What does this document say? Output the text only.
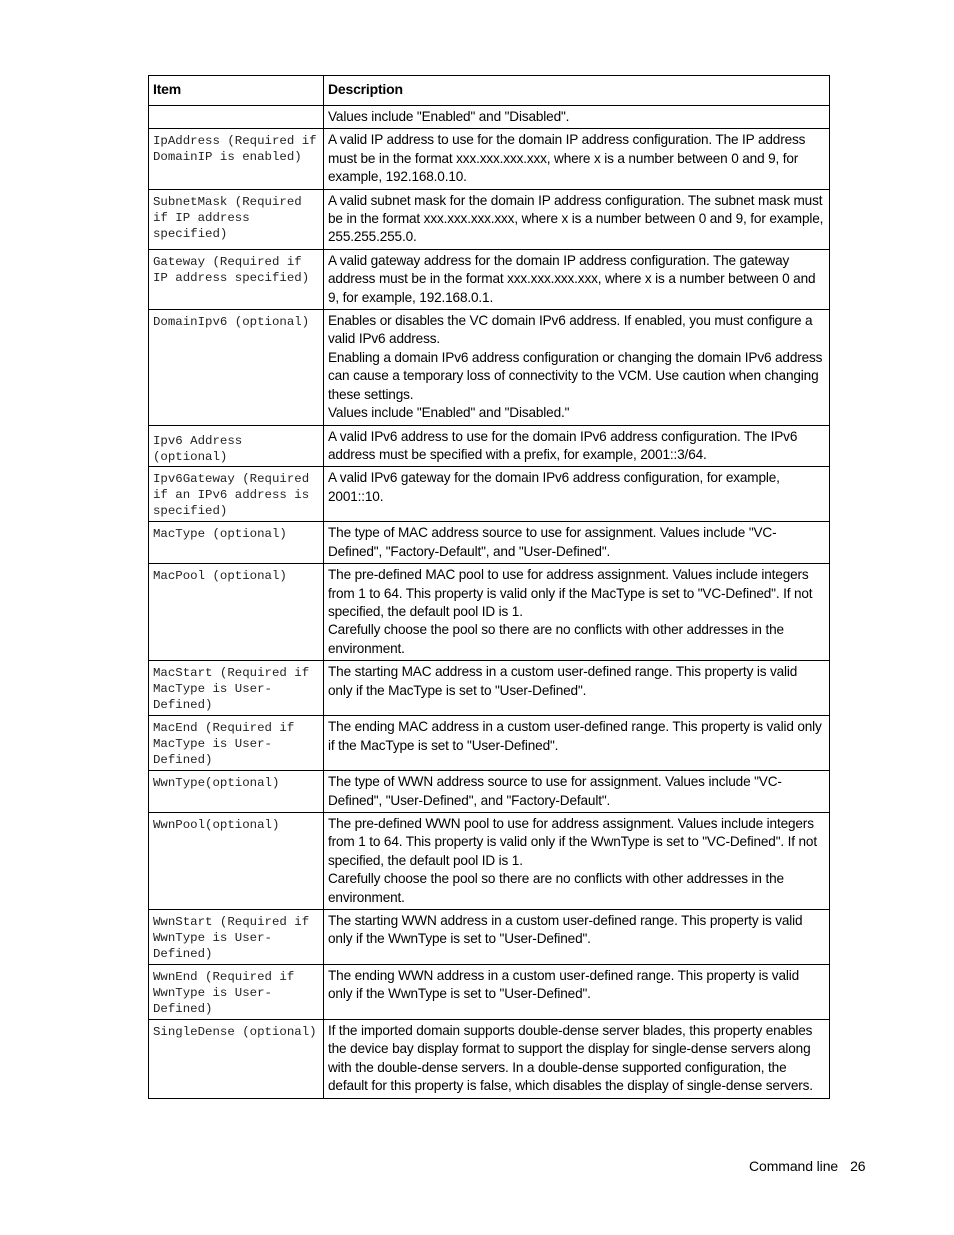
Item	Description

	Values include "Enabled" and "Disabled".

IpAddress (Required if DomainIP is enabled)	A valid IP address to use for the domain IP address configuration. The IP address must be in the format xxx.xxx.xxx.xxx, where x is a number between 0 and 9, for example, 192.168.0.10.

SubnetMask (Required if IP address specified)	A valid subnet mask for the domain IP address configuration. The subnet mask must be in the format xxx.xxx.xxx.xxx, where x is a number between 0 and 9, for example, 255.255.255.0.

Gateway (Required if IP address specified)	A valid gateway address for the domain IP address configuration. The gateway address must be in the format xxx.xxx.xxx.xxx, where x is a number between 0 and 9, for example, 192.168.0.1.

DomainIpv6 (optional)	Enables or disables the VC domain IPv6 address. If enabled, you must configure a valid IPv6 address.
Enabling a domain IPv6 address configuration or changing the domain IPv6 address can cause a temporary loss of connectivity to the VCM. Use caution when changing these settings.
Values include "Enabled" and "Disabled."

Ipv6 Address (optional)	A valid IPv6 address to use for the domain IPv6 address configuration. The IPv6 address must be specified with a prefix, for example, 2001::3/64.

Ipv6Gateway (Required if an IPv6 address is specified)	A valid IPv6 gateway for the domain IPv6 address configuration, for example, 2001::10.

MacType (optional)	The type of MAC address source to use for assignment. Values include "VC-Defined", "Factory-Default", and "User-Defined".

MacPool (optional)	The pre-defined MAC pool to use for address assignment. Values include integers from 1 to 64. This property is valid only if the MacType is set to "VC-Defined". If not specified, the default pool ID is 1.
Carefully choose the pool so there are no conflicts with other addresses in the environment.

MacStart (Required if MacType is User-Defined)	The starting MAC address in a custom user-defined range. This property is valid only if the MacType is set to "User-Defined".

MacEnd (Required if MacType is User-Defined)	The ending MAC address in a custom user-defined range. This property is valid only if the MacType is set to "User-Defined".

WwnType(optional)	The type of WWN address source to use for assignment. Values include "VC-Defined", "User-Defined", and "Factory-Default".

WwnPool(optional)	The pre-defined WWN pool to use for address assignment. Values include integers from 1 to 64. This property is valid only if the WwnType is set to "VC-Defined". If not specified, the default pool ID is 1.
Carefully choose the pool so there are no conflicts with other addresses in the environment.

WwnStart (Required if WwnType is User-Defined)	The starting WWN address in a custom user-defined range. This property is valid only if the WwnType is set to "User-Defined".

WwnEnd (Required if WwnType is User-Defined)	The ending WWN address in a custom user-defined range. This property is valid only if the WwnType is set to "User-Defined".

SingleDense (optional)	If the imported domain supports double-dense server blades, this property enables the device bay display format to support the display for single-dense servers along with the double-dense servers. In a double-dense supported configuration, the default for this property is false, which disables the display of single-dense servers.
Command line 26
